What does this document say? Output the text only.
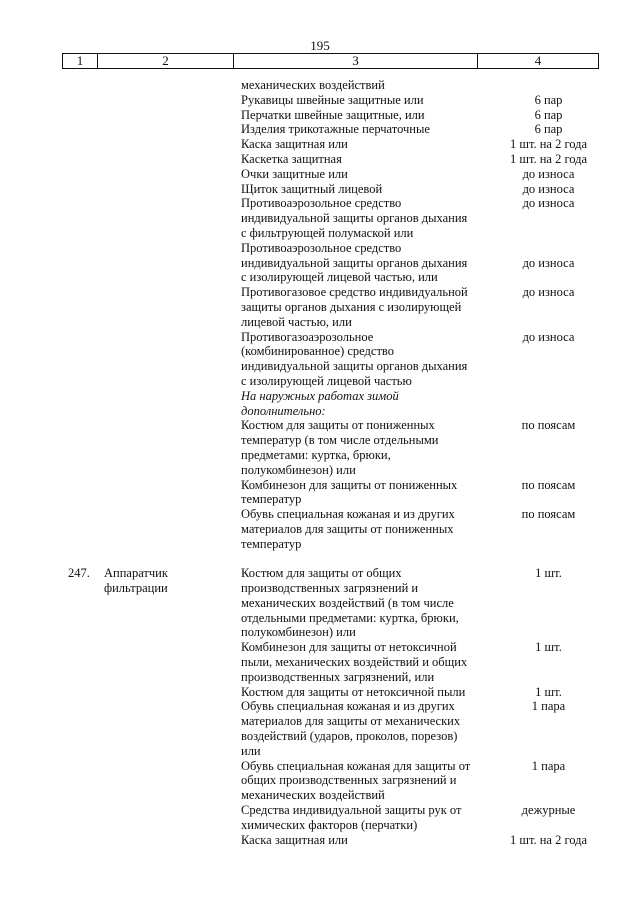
195
1	2	3	4
механических воздействий
Рукавицы швейные защитные или	6 пар
Перчатки швейные защитные, или	6 пар
Изделия трикотажные перчаточные	6 пар
Каска защитная или	1 шт. на 2 года
Каскетка защитная	1 шт. на 2 года
Очки защитные или	до износа
Щиток защитный лицевой	до износа
Противоаэрозольное средство	до износа
индивидуальной защиты органов дыхания
с фильтрующей полумаской или
Противоаэрозольное средство
индивидуальной защиты органов дыхания	до износа
с изолирующей лицевой частью, или
Противогазовое средство индивидуальной	до износа
защиты органов дыхания с изолирующей
лицевой частью, или
Противогазоаэрозольное	до износа
(комбинированное) средство
индивидуальной защиты органов дыхания
с изолирующей лицевой частью
На наружных работах зимой
дополнительно:
Костюм для защиты от пониженных	по поясам
температур (в том числе отдельными
предметами: куртка, брюки,
полукомбинезон) или
Комбинезон для защиты от пониженных	по поясам
температур
Обувь специальная кожаная и из других	по поясам
материалов для защиты от пониженных
температур
247.	Аппаратчик	Костюм для защиты от общих	1 шт.
фильтрации	производственных загрязнений и
механических воздействий (в том числе
отдельными предметами: куртка, брюки,
полукомбинезон) или
Комбинезон для защиты от нетоксичной	1 шт.
пыли, механических воздействий и общих
производственных загрязнений, или
Костюм для защиты от нетоксичной пыли	1 шт.
Обувь специальная кожаная и из других	1 пара
материалов для защиты от механических
воздействий (ударов, проколов, порезов)
или
Обувь специальная кожаная для защиты от	1 пара
общих производственных загрязнений и
механических воздействий
Средства индивидуальной защиты рук от	дежурные
химических факторов (перчатки)
Каска защитная или	1 шт. на 2 года
